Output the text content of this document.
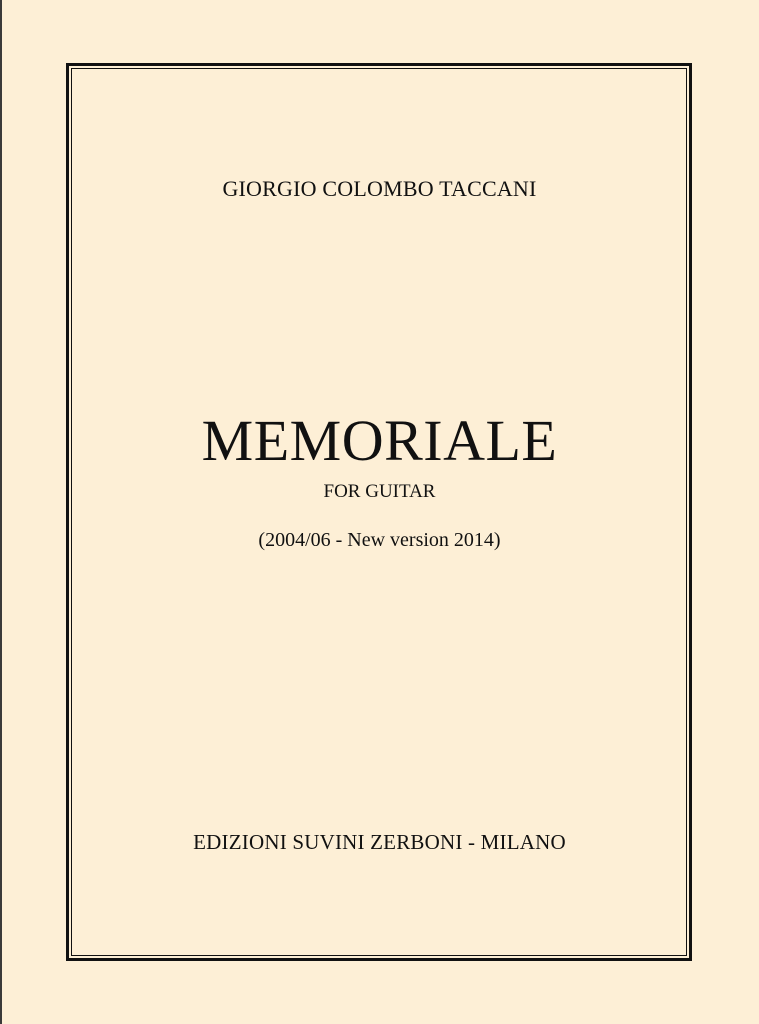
GIORGIO COLOMBO TACCANI
MEMORIALE
FOR GUITAR
(2004/06 - New version 2014)
EDIZIONI SUVINI ZERBONI - MILANO
